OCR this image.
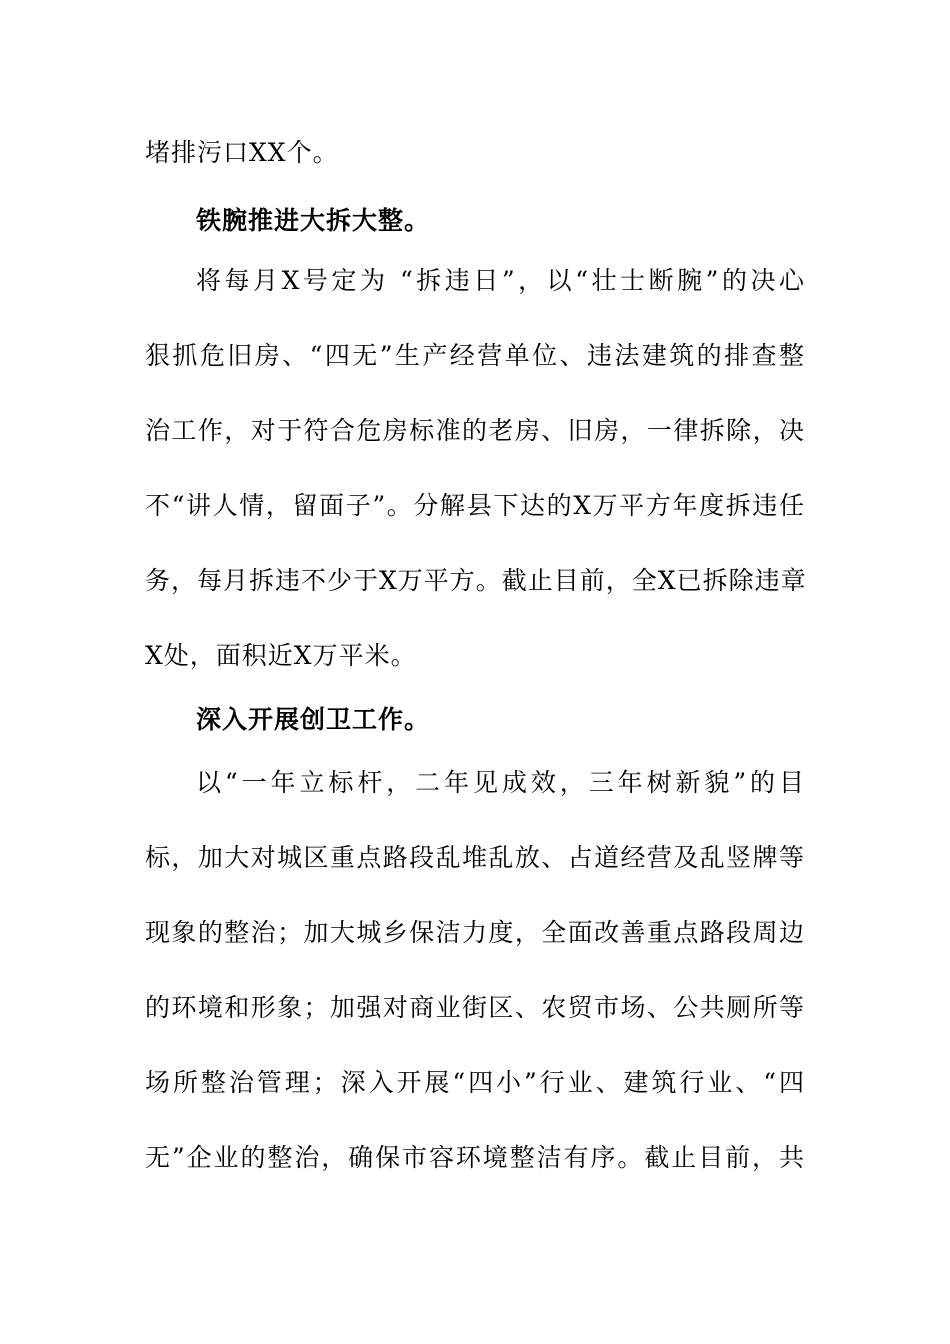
堵排污口XX个。
铁腕推进大拆大整。
将每月X号定为 “拆违日”，以“壮士断腕”的决心
狠抓危旧房、“四无”生产经营单位、违法建筑的排查整
治工作，对于符合危房标准的老房、旧房，一律拆除，决
不“讲人情，留面子”。分解县下达的X万平方年度拆违任
务，每月拆违不少于X万平方。截止目前，全X已拆除违章
X处，面积近X万平米。
深入开展创卫工作。
以“一年立标杆，二年见成效，三年树新貌”的目
标，加大对城区重点路段乱堆乱放、占道经营及乱竖牌等
现象的整治；加大城乡保洁力度，全面改善重点路段周边
的环境和形象；加强对商业街区、农贸市场、公共厕所等
场所整治管理；深入开展“四小”行业、建筑行业、“四
无”企业的整治，确保市容环境整洁有序。截止目前，共
